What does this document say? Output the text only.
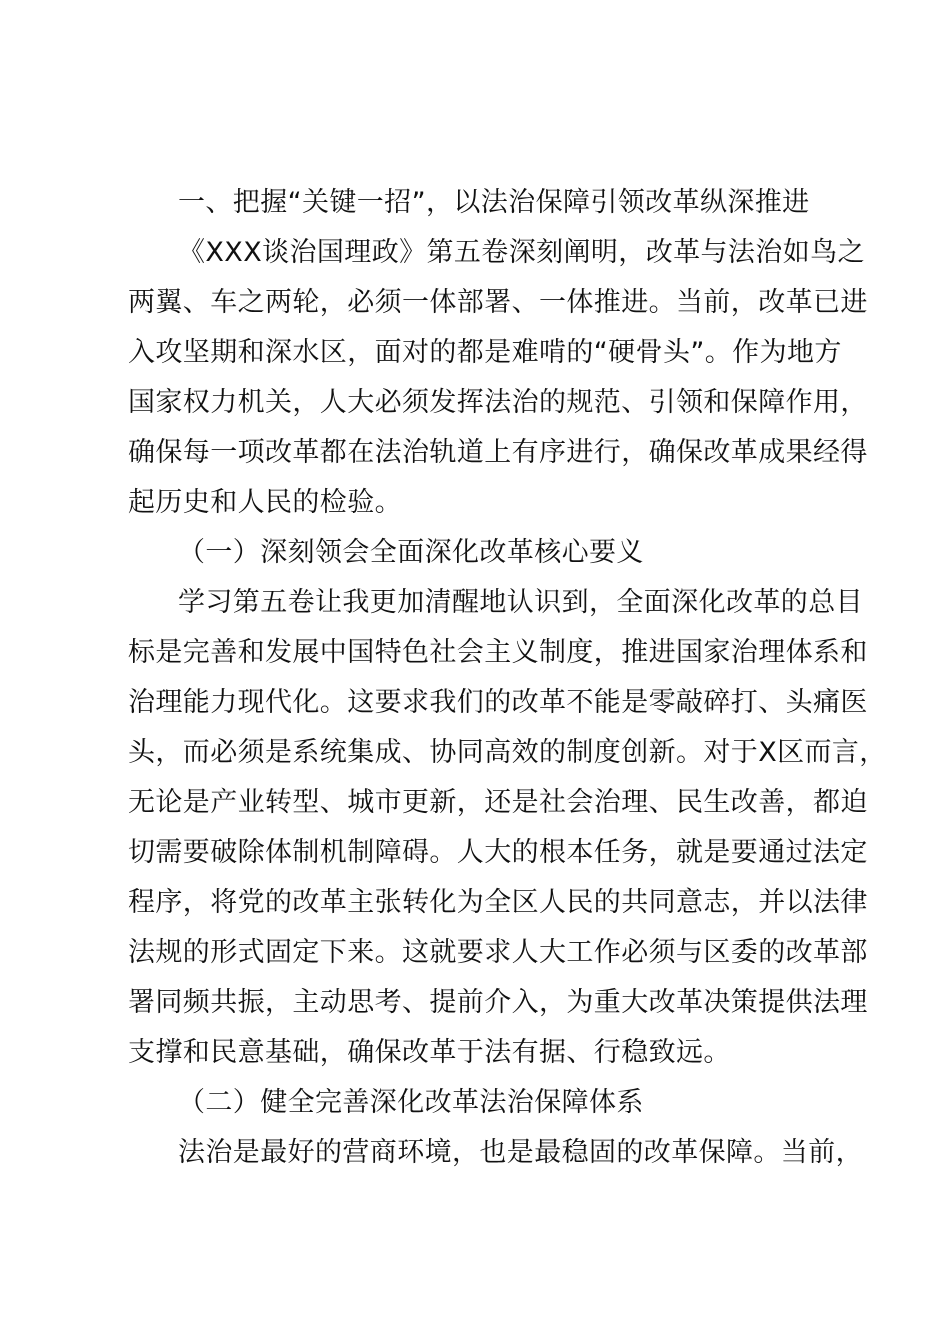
一、把握“关键一招”，以法治保障引领改革纵深推进
《XXX谈治国理政》第五卷深刻阐明，改革与法治如鸟之
两翼、车之两轮，必须一体部署、一体推进。当前，改革已进
入攻坚期和深水区，面对的都是难啃的“硬骨头”。作为地方
国家权力机关，人大必须发挥法治的规范、引领和保障作用，
确保每一项改革都在法治轨道上有序进行，确保改革成果经得
起历史和人民的检验。
（一）深刻领会全面深化改革核心要义
学习第五卷让我更加清醒地认识到，全面深化改革的总目
标是完善和发展中国特色社会主义制度，推进国家治理体系和
治理能力现代化。这要求我们的改革不能是零敲碎打、头痛医
头，而必须是系统集成、协同高效的制度创新。对于X区而言，
无论是产业转型、城市更新，还是社会治理、民生改善，都迫
切需要破除体制机制障碍。人大的根本任务，就是要通过法定
程序，将党的改革主张转化为全区人民的共同意志，并以法律
法规的形式固定下来。这就要求人大工作必须与区委的改革部
署同频共振，主动思考、提前介入，为重大改革决策提供法理
支撑和民意基础，确保改革于法有据、行稳致远。
（二）健全完善深化改革法治保障体系
法治是最好的营商环境，也是最稳固的改革保障。当前，
